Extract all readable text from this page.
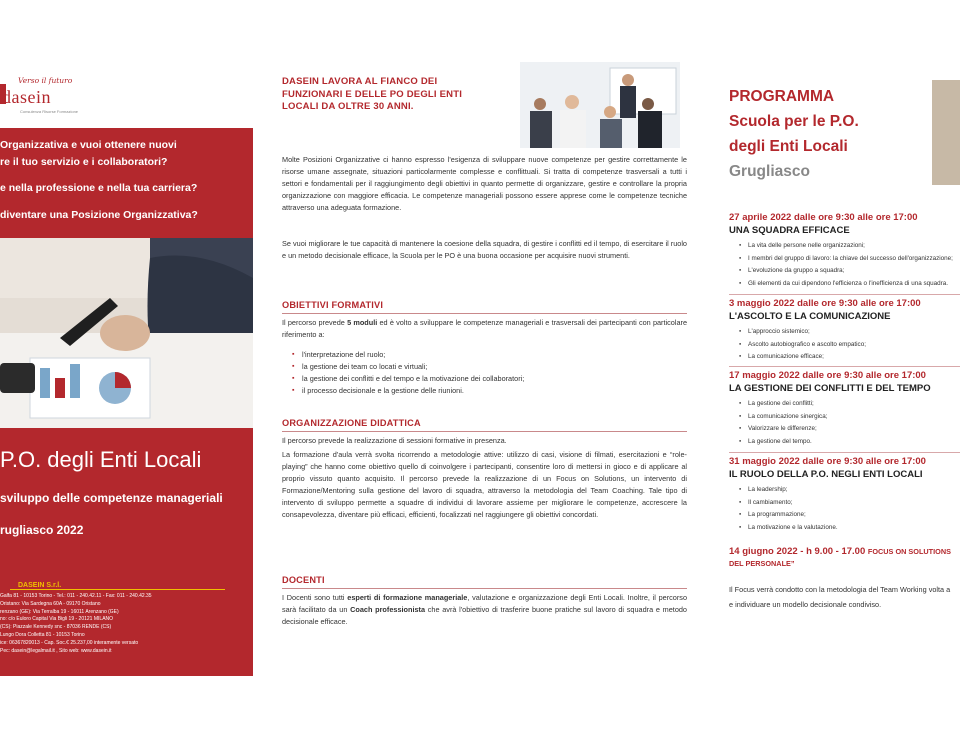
Verso il futuro
dasein
Consulenza Risorse Formazione

Organizzativa e vuoi ottenere nuovi

re il tuo servizio e i collaboratori?

e nella professione e nella tua carriera?

diventare una Posizione Organizzativa?

P.O. degli Enti Locali
sviluppo delle competenze manageriali
rugliasco 2022
DASEIN S.r.l.
Galfa 81 - 10153 Torino - Tel.: 011 - 240.42.11 - Fax: 011 - 240.42.35
Oristano: Via Sardegna 60A - 09170 Oristano
renzano (GE): Via Terralba 19 - 16011 Arenzano (GE)
no: c/o Euloro Capital Via Bigli 19 - 20121 MILANO
(CS): Piazzale Kennedy snc - 87036 RENDE (CS)
Lungo Dora Colletta 81 - 10153 Torino
ice: 06367820013 - Cap. Soc.€ 25.237,00 interamente versato
Pec: dasein@legalmail.it , Sito web: www.dasein.it
DASEIN LAVORA AL FIANCO DEI FUNZIONARI E DELLE PO DEGLI ENTI LOCALI DA OLTRE 30 ANNI.
Molte Posizioni Organizzative ci hanno espresso l'esigenza di sviluppare nuove competenze per gestire correttamente le risorse umane assegnate, situazioni particolarmente complesse e conflittuali. Si tratta di competenze trasversali a tutti i settori e fondamentali per il raggiungimento degli obiettivi in quanto permette di organizzare, gestire e controllare la propria organizzazione con maggiore efficacia. Le competenze manageriali possono essere apprese come le competenze tecniche attraverso una adeguata formazione.
Se vuoi migliorare le tue capacità di mantenere la coesione della squadra, di gestire i conflitti ed il tempo, di esercitare il ruolo e un metodo decisionale efficace, la Scuola per le PO è una buona occasione per acquisire nuovi strumenti.
OBIETTIVI FORMATIVI
Il percorso prevede 5 moduli ed è volto a sviluppare le competenze manageriali e trasversali dei partecipanti con particolare riferimento a:
▪ l'interpretazione del ruolo;
▪ la gestione dei team co locati e virtuali;
▪ la gestione dei conflitti e del tempo e la motivazione dei collaboratori;
▪ il processo decisionale e la gestione delle riunioni.
ORGANIZZAZIONE DIDATTICA
Il percorso prevede la realizzazione di sessioni formative in presenza.
La formazione d'aula verrà svolta ricorrendo a metodologie attive: utilizzo di casi, visione di filmati, esercitazioni e “role-playing” che hanno come obiettivo quello di coinvolgere i partecipanti, consentire loro di mettersi in gioco e di applicare al proprio vissuto quanto acquisito. Il percorso prevede la realizzazione di un Focus on Solutions, un intervento di Formazione/Mentoring sulla gestione del lavoro di squadra, attraverso la metodologia del Team Coaching. Tale tipo di intervento di sviluppo permette a squadre di individui di lavorare assieme per migliorare le competenze, accrescere la consapevolezza, diventare più efficaci, efficienti, focalizzati nel raggiungere gli obiettivi concordati.
DOCENTI
I Docenti sono tutti esperti di formazione manageriale, valutazione e organizzazione degli Enti Locali. Inoltre, il percorso sarà facilitato da un Coach professionista che avrà l'obiettivo di trasferire buone pratiche sul lavoro di squadra e metodo decisionale efficace.
PROGRAMMA
Scuola per le P.O.
degli Enti Locali
Grugliasco
27 aprile 2022 dalle ore 9:30 alle ore 17:00
UNA SQUADRA EFFICACE
▪ La vita delle persone nelle organizzazioni;
▪ I membri del gruppo di lavoro: la chiave del successo dell'organizzazione;
▪ L'evoluzione da gruppo a squadra;
▪ Gli elementi da cui dipendono l'efficienza o l'inefficienza di una squadra.
3 maggio 2022 dalle ore 9:30 alle ore 17:00
L'ASCOLTO E LA COMUNICAZIONE
▪ L'approccio sistemico;
▪ Ascolto autobiografico e ascolto empatico;
▪ La comunicazione efficace;
17 maggio 2022 dalle ore 9:30 alle ore 17:00
LA GESTIONE DEI CONFLITTI E DEL TEMPO
▪ La gestione dei conflitti;
▪ La comunicazione sinergica;
▪ Valorizzare le differenze;
▪ La gestione del tempo.
31 maggio 2022 dalle ore 9:30 alle ore 17:00
IL RUOLO DELLA P.O. NEGLI ENTI LOCALI
▪ La leadership;
▪ Il cambiamento;
▪ La programmazione;
▪ La motivazione e la valutazione.
14 giugno 2022 - h 9.00 - 17.00 FOCUS ON SOLUTIONS
DEL PERSONALE”
Il Focus verrà condotto con la metodologia del Team Working volta a
e individuare un modello decisionale condiviso.
